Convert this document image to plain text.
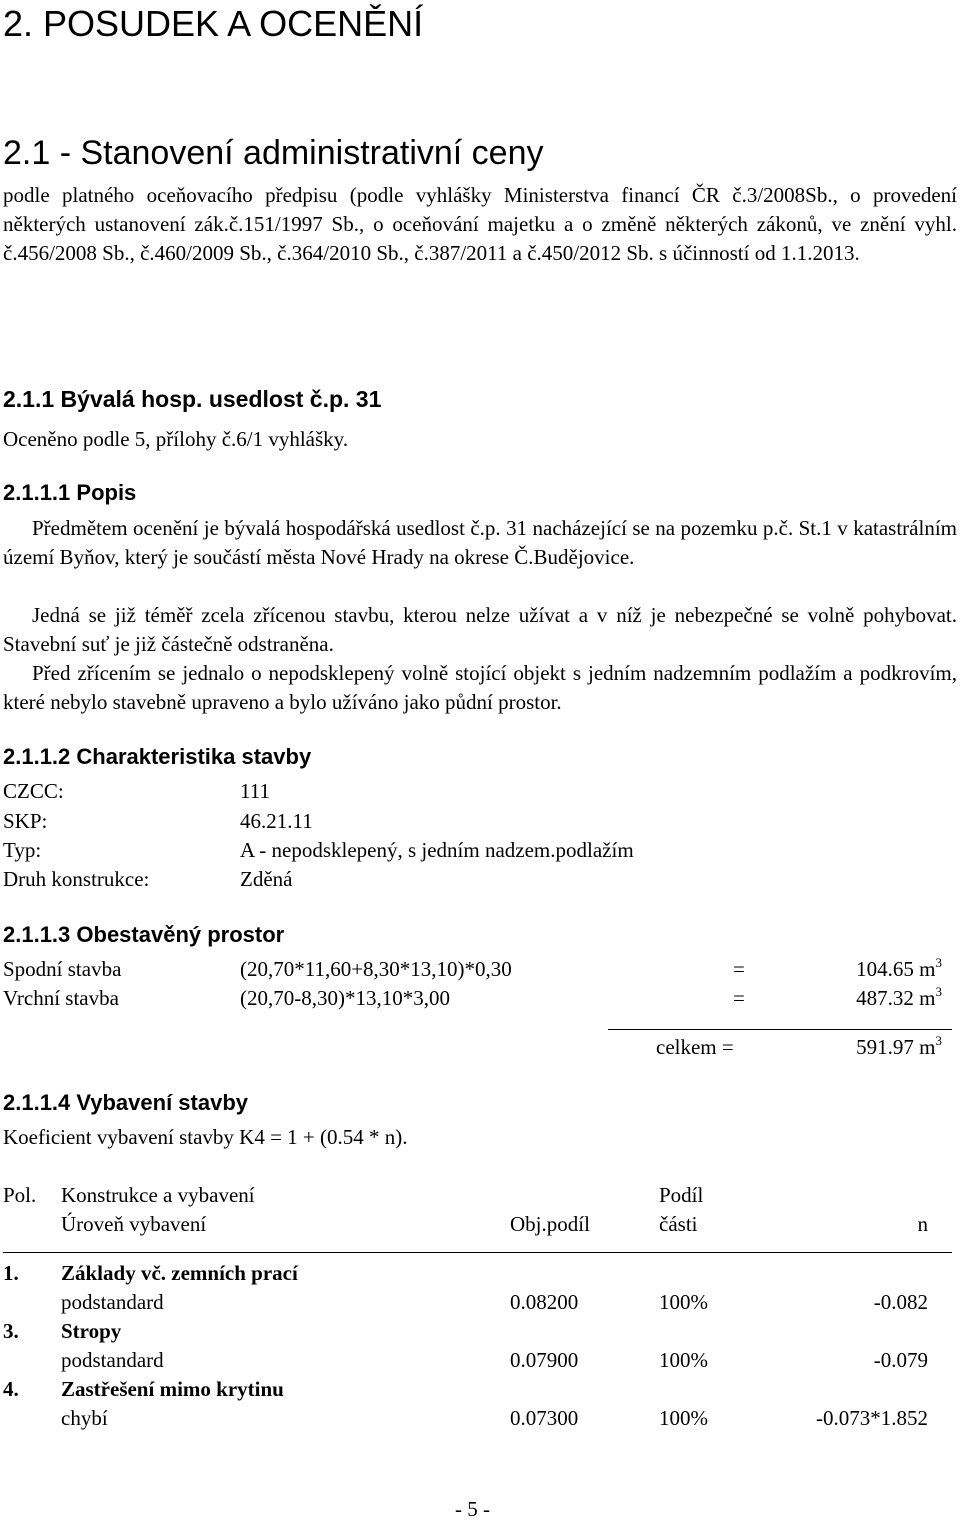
2. POSUDEK A OCENĚNÍ
2.1 - Stanovení administrativní ceny
podle platného oceňovacího předpisu (podle vyhlášky Ministerstva financí ČR č.3/2008Sb., o provedení některých ustanovení zák.č.151/1997 Sb., o oceňování majetku a o změně některých zákonů, ve znění vyhl. č.456/2008 Sb., č.460/2009 Sb., č.364/2010 Sb., č.387/2011 a č.450/2012 Sb. s účinností od 1.1.2013.
2.1.1 Bývalá hosp. usedlost č.p. 31
Oceněno podle 5, přílohy č.6/1 vyhlášky.
2.1.1.1 Popis
Předmětem ocenění je bývalá hospodářská usedlost č.p. 31 nacházející se na pozemku p.č. St.1 v katastrálním území Byňov, který je součástí města Nové Hrady na okrese Č.Budějovice.
Jedná se již téměř zcela zřícenou stavbu, kterou nelze užívat a v níž je nebezpečné se volně pohybovat. Stavební suť je již částečně odstraněna.
Před zřícením se jednalo o nepodsklepený volně stojící objekt s jedním nadzemním podlažím a podkrovím, které nebylo stavebně upraveno a bylo užíváno jako půdní prostor.
2.1.1.2 Charakteristika stavby
CZCC:	111
SKP:	46.21.11
Typ:	A - nepodsklepený, s jedním nadzem.podlažím
Druh konstrukce:	Zděná
2.1.1.3 Obestavěný prostor
Spodní stavba	(20,70*11,60+8,30*13,10)*0,30	=	104.65 $m^3$
Vrchní stavba	(20,70-8,30)*13,10*3,00	=	487.32 $m^3$
celkem =	591.97 $m^3$
2.1.1.4 Vybavení stavby
Koeficient vybavení stavby K4 = 1 + (0.54 * n).
Pol. Konstrukce a vybavení	Podíl
Úroveň vybavení	Obj.podíl	části	n
1. Základy vč. zemních prací
podstandard	0.08200	100%	-0.082
3. Stropy
podstandard	0.07900	100%	-0.079
4. Zastřešení mimo krytinu
chybí	0.07300	100%	-0.073*1.852
- 5 -
